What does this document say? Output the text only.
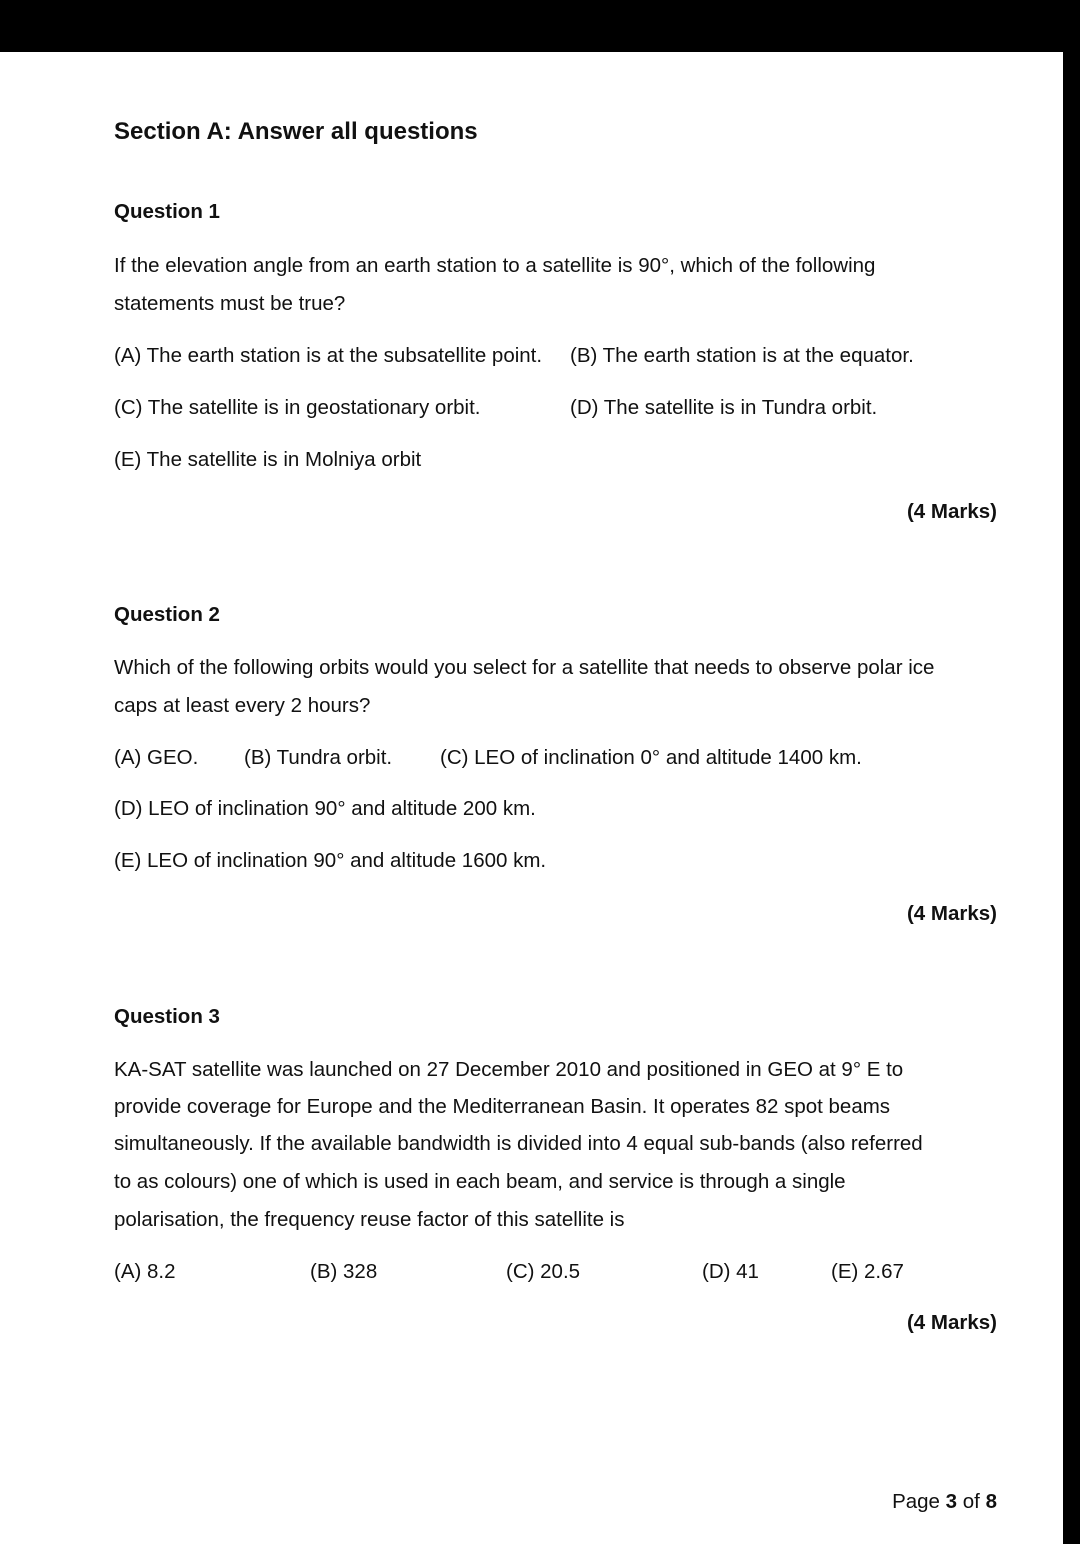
Section A: Answer all questions
Question 1
If the elevation angle from an earth station to a satellite is 90°, which of the following
statements must be true?
(A) The earth station is at the subsatellite point. (B) The earth station is at the equator.
(C) The satellite is in geostationary orbit.	(D) The satellite is in Tundra orbit.
(E) The satellite is in Molniya orbit
(4 Marks)
Question 2
Which of the following orbits would you select for a satellite that needs to observe polar ice
caps at least every 2 hours?
(A) GEO. (B) Tundra orbit. (C) LEO of inclination 0° and altitude 1400 km.
(D) LEO of inclination 90° and altitude 200 km.
(E) LEO of inclination 90° and altitude 1600 km.
(4 Marks)
Question 3
KA-SAT satellite was launched on 27 December 2010 and positioned in GEO at 9° E to
provide coverage for Europe and the Mediterranean Basin. It operates 82 spot beams
simultaneously. If the available bandwidth is divided into 4 equal sub-bands (also referred
to as colours) one of which is used in each beam, and service is through a single
polarisation, the frequency reuse factor of this satellite is
(A) 8.2	(B) 328	(C) 20.5	(D) 41	(E) 2.67
(4 Marks)
Page 3 of 8
